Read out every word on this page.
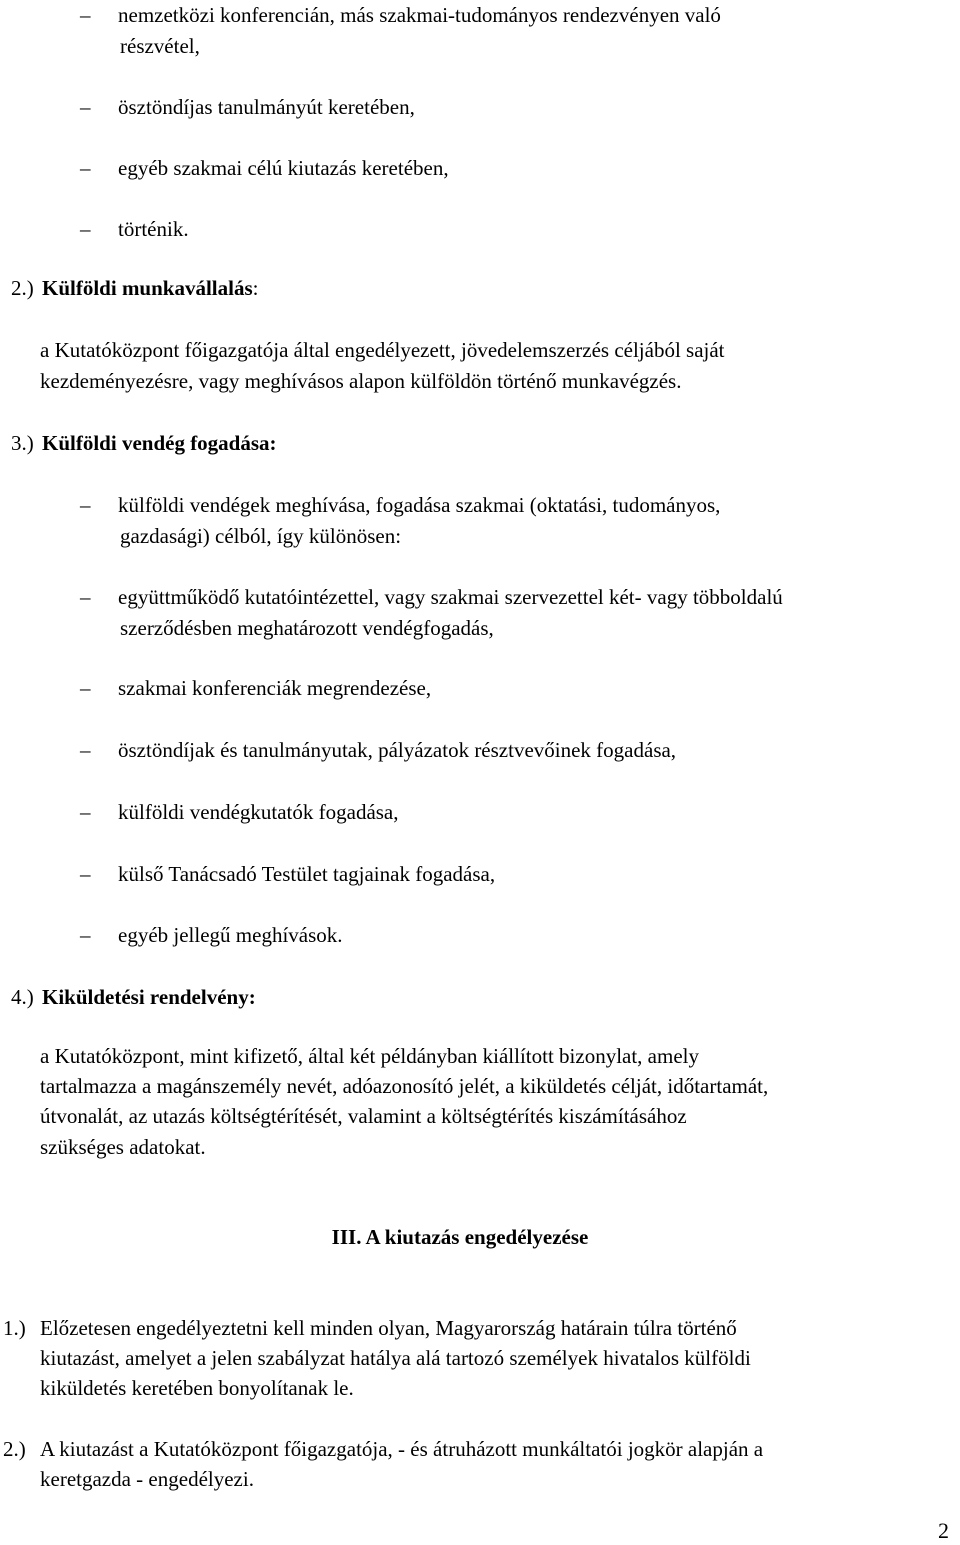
– nemzetközi konferencián, más szakmai-tudományos rendezvényen való
részvétel,
– ösztöndíjas tanulmányút keretében,
– egyéb szakmai célú kiutazás keretében,
– történik.
2.) Külföldi munkavállalás:
a Kutatóközpont főigazgatója által engedélyezett, jövedelemszerzés céljából saját
kezdeményezésre, vagy meghívásos alapon külföldön történő munkavégzés.
3.) Külföldi vendég fogadása:
– külföldi vendégek meghívása, fogadása szakmai (oktatási, tudományos,
gazdasági) célból, így különösen:
– együttműködő kutatóintézettel, vagy szakmai szervezettel két- vagy többoldalú
szerződésben meghatározott vendégfogadás,
– szakmai konferenciák megrendezése,
– ösztöndíjak és tanulmányutak, pályázatok résztvevőinek fogadása,
– külföldi vendégkutatók fogadása,
– külső Tanácsadó Testület tagjainak fogadása,
– egyéb jellegű meghívások.
4.) Kiküldetési rendelvény:
a Kutatóközpont, mint kifizető, által két példányban kiállított bizonylat, amely
tartalmazza a magánszemély nevét, adóazonosító jelét, a kiküldetés célját, időtartamát,
útvonalát, az utazás költségtérítését, valamint a költségtérítés kiszámításához
szükséges adatokat.
III. A kiutazás engedélyezése
1.) Előzetesen engedélyeztetni kell minden olyan, Magyarország határain túlra történő
kiutazást, amelyet a jelen szabályzat hatálya alá tartozó személyek hivatalos külföldi
kiküldetés keretében bonyolítanak le.
2.) A kiutazást a Kutatóközpont főigazgatója, - és átruházott munkáltatói jogkör alapján a
keretgazda - engedélyezi.
2
